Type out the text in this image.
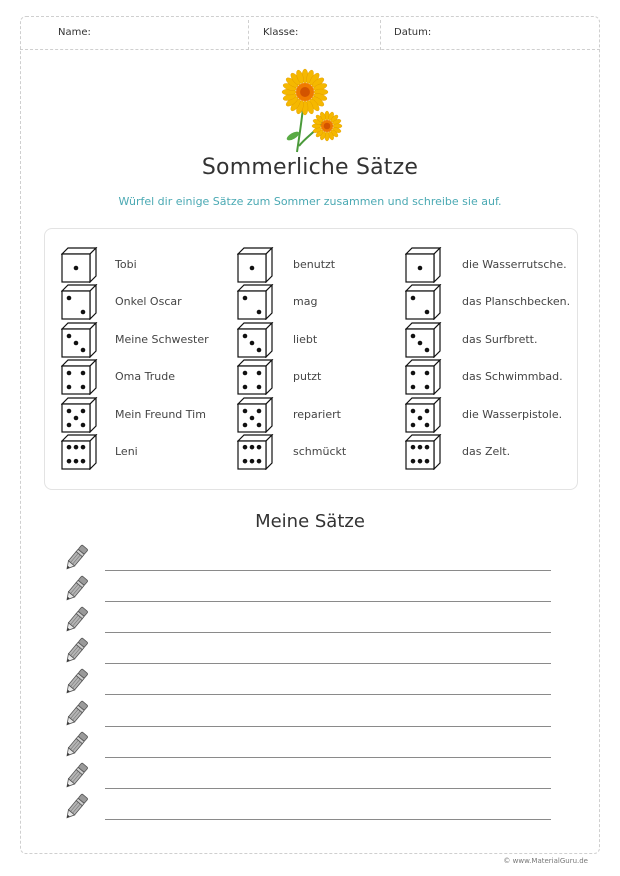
Name:	Klasse:	Datum:
Sommerliche Sätze
Würfel dir einige Sätze zum Sommer zusammen und schreibe sie auf.
Tobi
Onkel Oscar
Meine Schwester
Oma Trude
Mein Freund Tim
Leni
benutzt
mag
liebt
putzt
repariert
schmückt
die Wasserrutsche.
das Planschbecken.
das Surfbrett.
das Schwimmbad.
die Wasserpistole.
das Zelt.
Meine Sätze
© www.MaterialGuru.de
